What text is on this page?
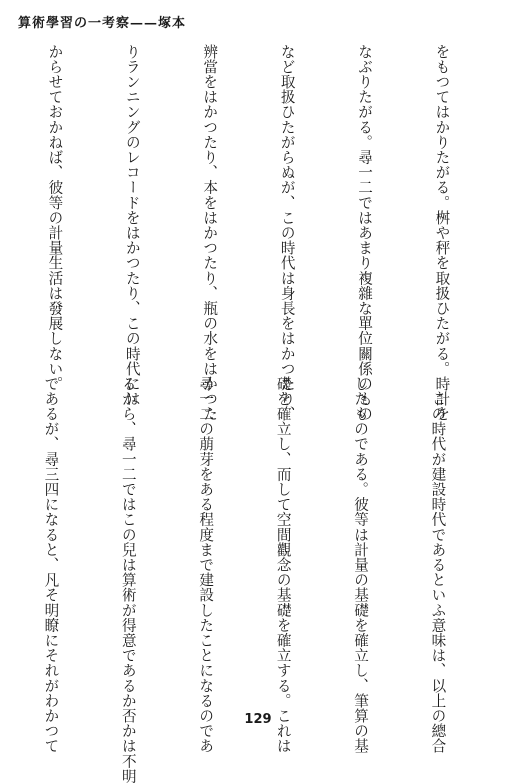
算術學習の一考察——塚本

をもつてはかりたがる。桝や秤を取扱ひたがる。時計を

なぶりたがる。尋一二ではあまり複雜な單位關係のもの

など取扱ひたがらぬが、この時代は身長をはかつたり、

辨當をはかつたり、本をはかつたり、瓶の水をはかつた

りランニングのレコードをはかつたり、この時代には

からせておかねば、彼等の計量生活は發展しない。

　この時代が建設時代であるといふ意味は、以上の總合

したものである。彼等は計量の基礎を確立し、筆算の基

礎を確立し、而して空間觀念の基礎を確立する。これは

尋一二の萠芽をある程度まで建設したことになるのであ

るから、尋一二ではこの兒は算術が得意であるか否かは不明

であるが、尋三四になると、凡そ明瞭にそれがわかつて

	129
